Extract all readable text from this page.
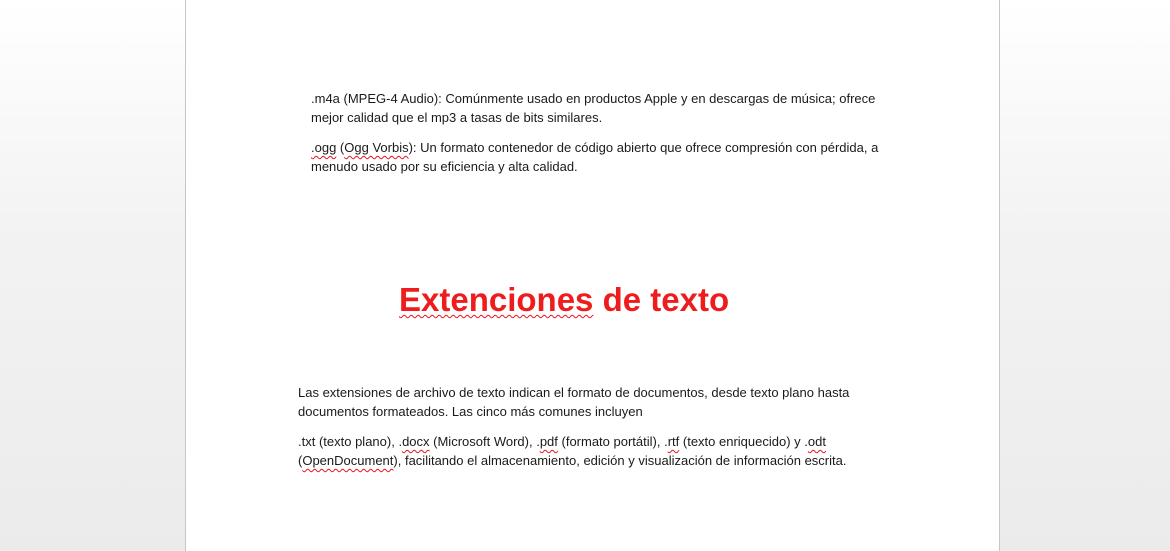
.m4a (MPEG-4 Audio): Comúnmente usado en productos Apple y en descargas de música; ofrece mejor calidad que el mp3 a tasas de bits similares.

.ogg (Ogg Vorbis): Un formato contenedor de código abierto que ofrece compresión con pérdida, a menudo usado por su eficiencia y alta calidad.

Extenciones de texto

Las extensiones de archivo de texto indican el formato de documentos, desde texto plano hasta documentos formateados. Las cinco más comunes incluyen

.txt (texto plano), .docx (Microsoft Word), .pdf (formato portátil), .rtf (texto enriquecido) y .odt (OpenDocument), facilitando el almacenamiento, edición y visualización de información escrita.
